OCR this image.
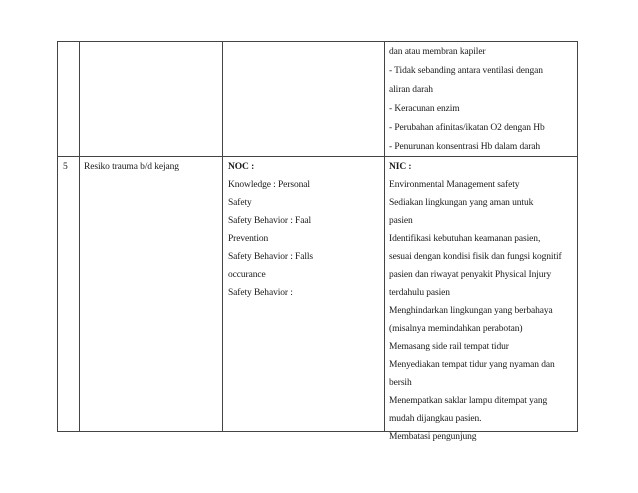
dan atau membran kapiler
- Tidak sebanding antara ventilasi dengan
aliran darah
- Keracunan enzim
- Perubahan afinitas/ikatan O2 dengan Hb
- Penurunan konsentrasi Hb dalam darah
5 Resiko trauma b/d kejang	NOC :
Knowledge : Personal
Safety
Safety Behavior : Faal
Prevention
Safety Behavior : Falls
occurance
Safety Behavior :
NIC :
Environmental Management safety
Sediakan lingkungan yang aman untuk
pasien
Identifikasi kebutuhan keamanan pasien,
sesuai dengan kondisi fisik dan fungsi kognitif
pasien dan riwayat penyakit Physical Injury
terdahulu pasien
Menghindarkan lingkungan yang berbahaya
(misalnya memindahkan perabotan)
Memasang side rail tempat tidur
Menyediakan tempat tidur yang nyaman dan
bersih
Menempatkan saklar lampu ditempat yang
mudah dijangkau pasien.
Membatasi pengunjung
